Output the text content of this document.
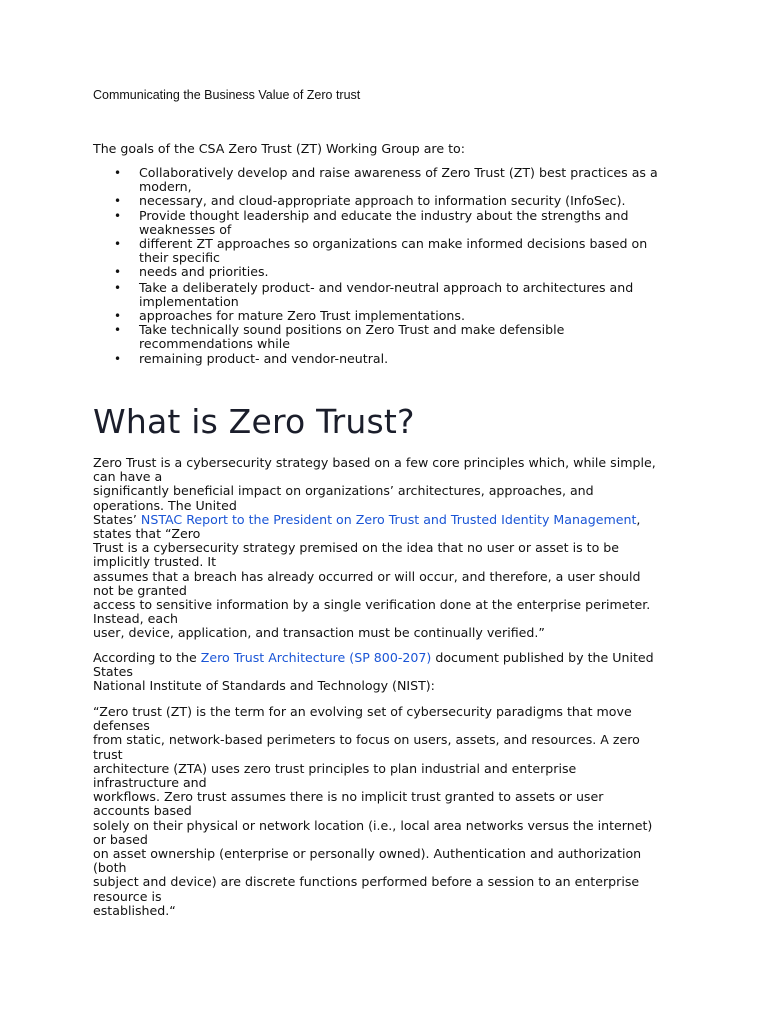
Communicating the Business Value of Zero trust
The goals of the CSA Zero Trust (ZT) Working Group are to:
• Collaboratively develop and raise awareness of Zero Trust (ZT) best practices as a
modern,
• necessary, and cloud-appropriate approach to information security (InfoSec).
• Provide thought leadership and educate the industry about the strengths and
weaknesses of
• different ZT approaches so organizations can make informed decisions based on
their specific
• needs and priorities.
• Take a deliberately product- and vendor-neutral approach to architectures and
implementation
• approaches for mature Zero Trust implementations.
• Take technically sound positions on Zero Trust and make defensible
recommendations while
• remaining product- and vendor-neutral.
What is Zero Trust?

Zero Trust is a cybersecurity strategy based on a few core principles which, while simple,
can have a
significantly beneficial impact on organizations’ architectures, approaches, and
operations. The United
States’ NSTAC Report to the President on Zero Trust and Trusted Identity Management,
states that “Zero
Trust is a cybersecurity strategy premised on the idea that no user or asset is to be
implicitly trusted. It
assumes that a breach has already occurred or will occur, and therefore, a user should
not be granted
access to sensitive information by a single verification done at the enterprise perimeter.
Instead, each
user, device, application, and transaction must be continually verified.”

According to the Zero Trust Architecture (SP 800-207) document published by the United
States
National Institute of Standards and Technology (NIST):

“Zero trust (ZT) is the term for an evolving set of cybersecurity paradigms that move
defenses
from static, network-based perimeters to focus on users, assets, and resources. A zero
trust
architecture (ZTA) uses zero trust principles to plan industrial and enterprise
infrastructure and
workflows. Zero trust assumes there is no implicit trust granted to assets or user
accounts based
solely on their physical or network location (i.e., local area networks versus the internet)
or based
on asset ownership (enterprise or personally owned). Authentication and authorization
(both
subject and device) are discrete functions performed before a session to an enterprise
resource is
established.“
